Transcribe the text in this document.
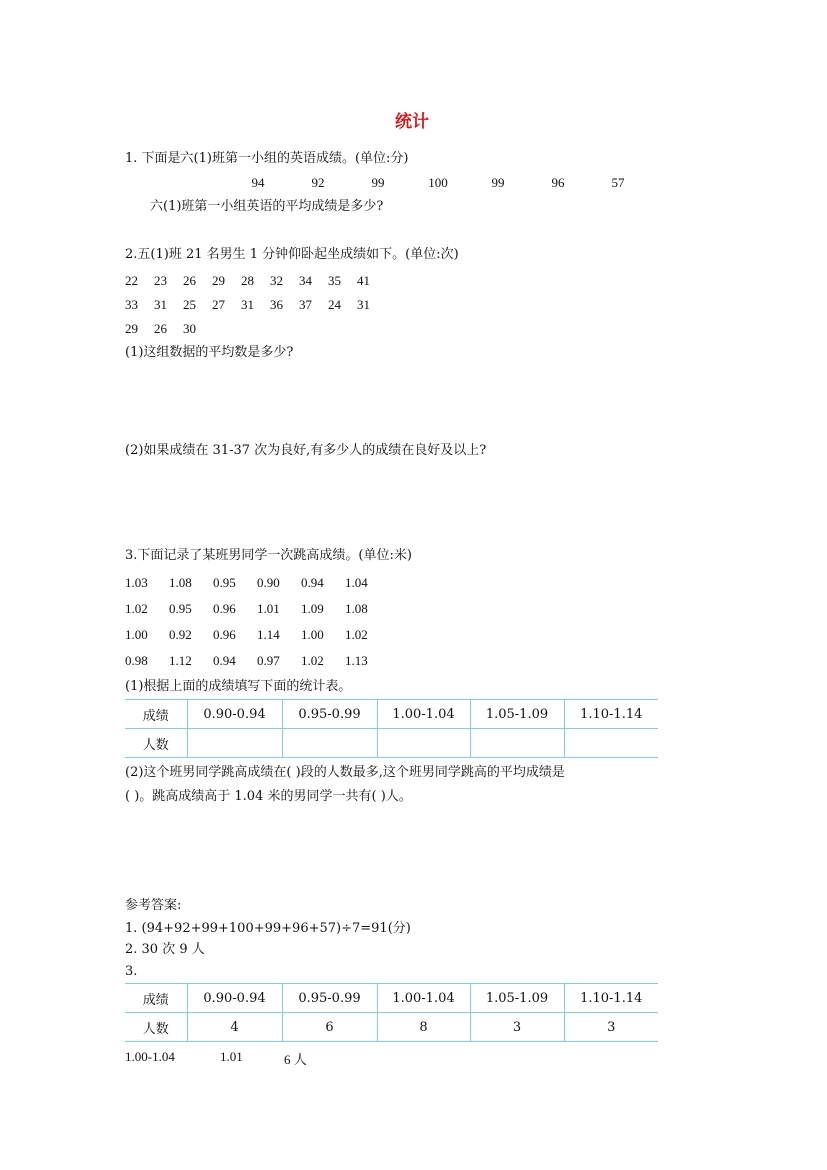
统计
1. 下面是六(1)班第一小组的英语成绩。(单位:分)
94	92	99	100	99	96	57
六(1)班第一小组英语的平均成绩是多少?
2.五(1)班 21 名男生 1 分钟仰卧起坐成绩如下。(单位:次)
22	23	26	29	28	32	34	35	41
33	31	25	27	31	36	37	24	31
29	26	30
(1)这组数据的平均数是多少?
(2)如果成绩在 31-37 次为良好,有多少人的成绩在良好及以上?
3.下面记录了某班男同学一次跳高成绩。(单位:米)
1.03	1.08	0.95	0.90	0.94	1.04
1.02	0.95	0.96	1.01	1.09	1.08
1.00	0.92	0.96	1.14	1.00	1.02
0.98	1.12	0.94	0.97	1.02	1.13
(1)根据上面的成绩填写下面的统计表。
成绩	0.90-0.94	0.95-0.99	1.00-1.04	1.05-1.09	1.10-1.14
人数					
(2)这个班男同学跳高成绩在( )段的人数最多,这个班男同学跳高的平均成绩是
( )。跳高成绩高于 1.04 米的男同学一共有( )人。
参考答案:
1. (94+92+99+100+99+96+57)÷7=91(分)
2. 30 次 9 人
3.
成绩	0.90-0.94	0.95-0.99	1.00-1.04	1.05-1.09	1.10-1.14
人数	4	6	8	3	3
1.00-1.04	1.01	6 人
